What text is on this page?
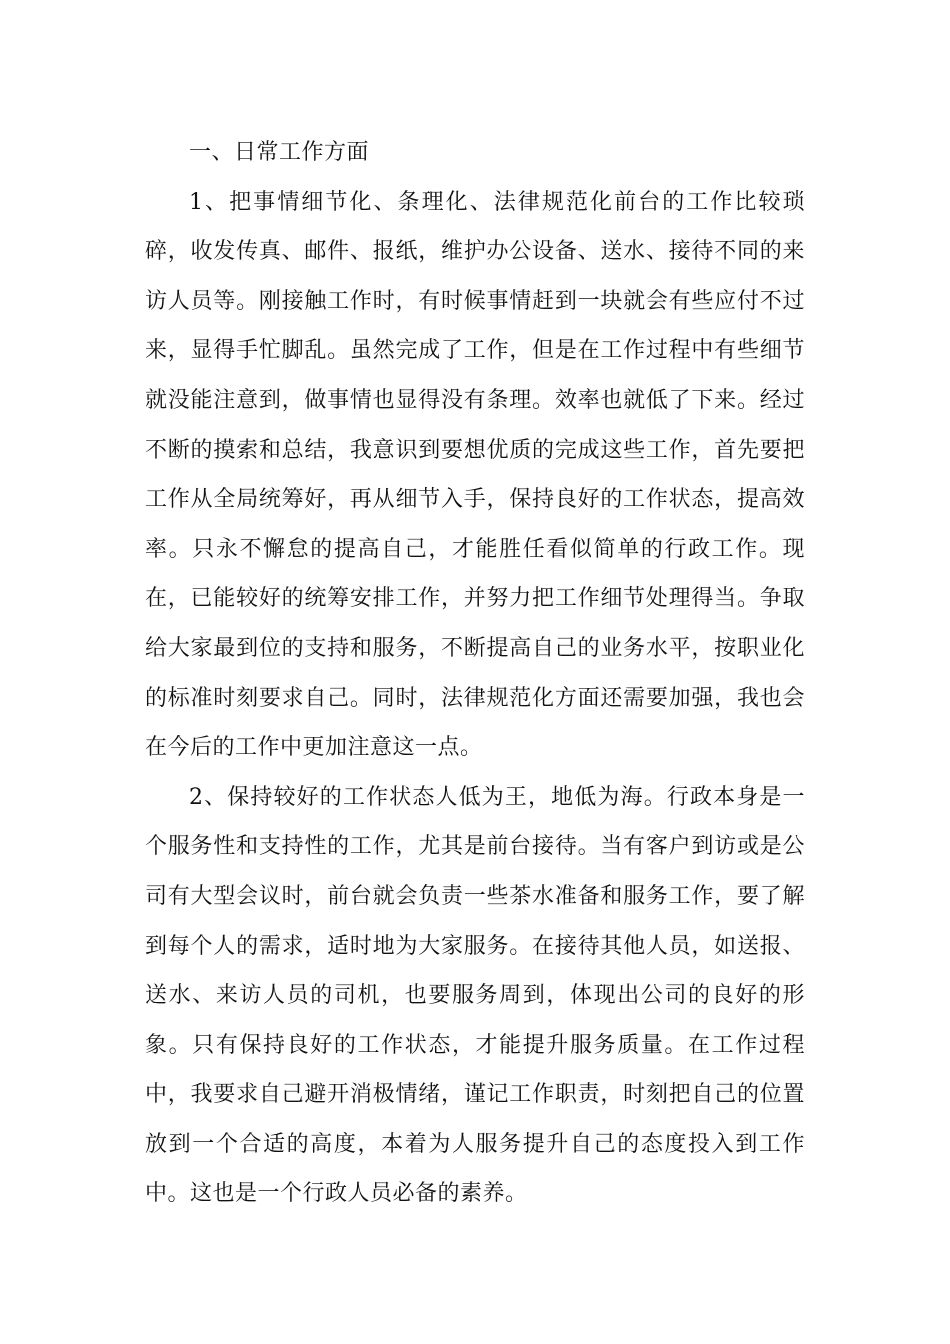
一、日常工作方面

1、把事情细节化、条理化、法律规范化前台的工作比较琐碎，收发传真、邮件、报纸，维护办公设备、送水、接待不同的来访人员等。刚接触工作时，有时候事情赶到一块就会有些应付不过来，显得手忙脚乱。虽然完成了工作，但是在工作过程中有些细节就没能注意到，做事情也显得没有条理。效率也就低了下来。经过不断的摸索和总结，我意识到要想优质的完成这些工作，首先要把工作从全局统筹好，再从细节入手，保持良好的工作状态，提高效率。只永不懈怠的提高自己，才能胜任看似简单的行政工作。现在，已能较好的统筹安排工作，并努力把工作细节处理得当。争取给大家最到位的支持和服务，不断提高自己的业务水平，按职业化的标准时刻要求自己。同时，法律规范化方面还需要加强，我也会在今后的工作中更加注意这一点。

2、保持较好的工作状态人低为王，地低为海。行政本身是一个服务性和支持性的工作，尤其是前台接待。当有客户到访或是公司有大型会议时，前台就会负责一些茶水准备和服务工作，要了解到每个人的需求，适时地为大家服务。在接待其他人员，如送报、送水、来访人员的司机，也要服务周到，体现出公司的良好的形象。只有保持良好的工作状态，才能提升服务质量。在工作过程中，我要求自己避开消极情绪，谨记工作职责，时刻把自己的位置放到一个合适的高度，本着为人服务提升自己的态度投入到工作中。这也是一个行政人员必备的素养。
